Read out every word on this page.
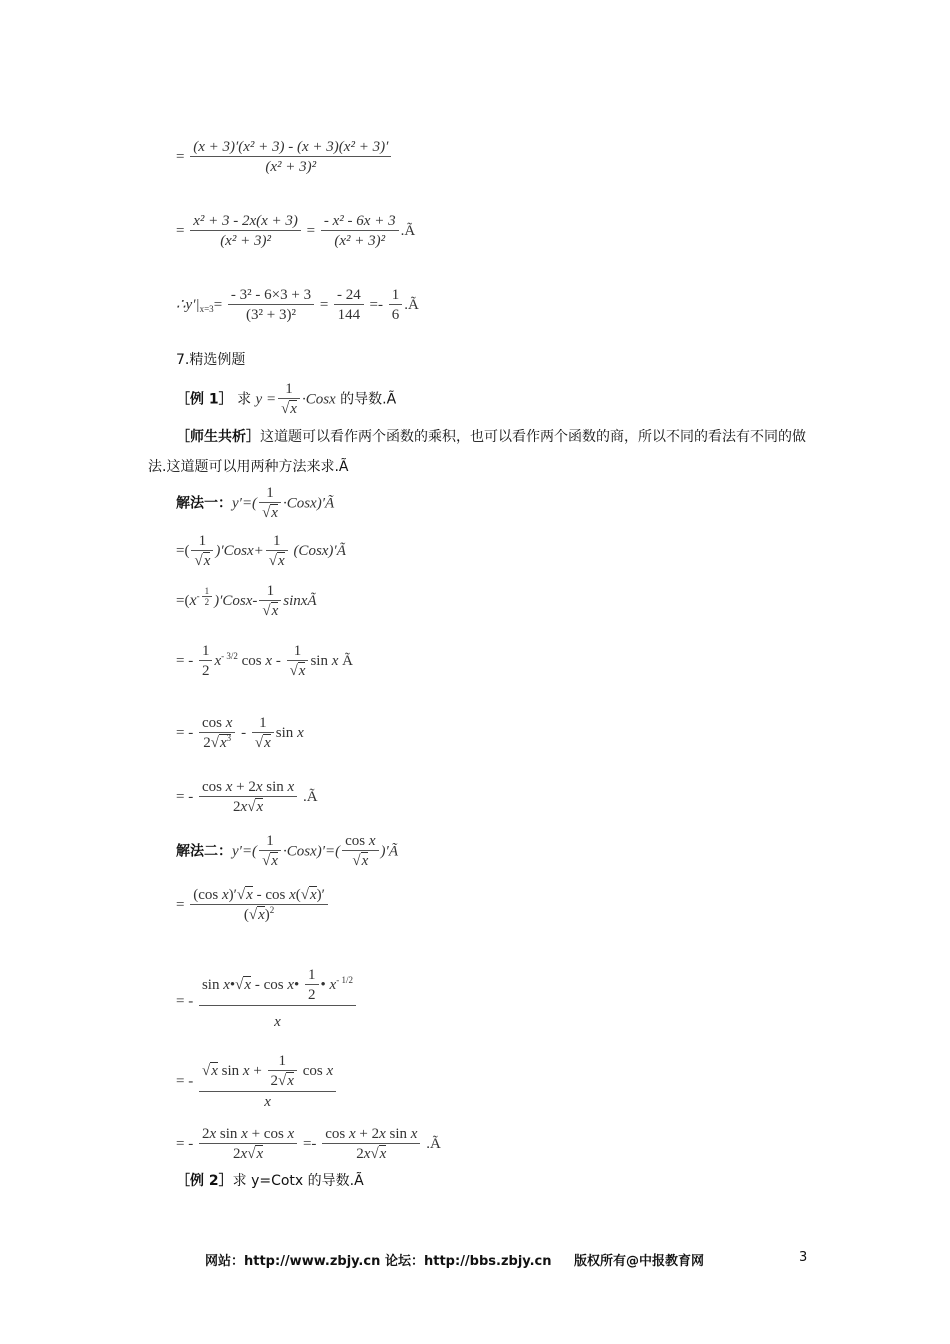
= $\frac{\text{(x + 3)′(x² + 3) - (x + 3)(x² + 3)′}}{\text{(x² + 3)²}}$
= $\frac{\text{x² + 3 - 2x(x + 3)}}{\text{(x² + 3)²}} = \frac{\text{- x² - 6x + 3}}{\text{(x² + 3)²}}$ .Ã
$\therefore y'|_{x=3}= \frac{\text{- 3² - 6×3 + 3}}{\text{(3² + 3)²}} = \frac{- 24}{144} =- \frac{1}{6}$ .Ã
7.精选例题
［例 1］ 求 $y = \frac{1}{√x}$ ·Cosx 的导数.Ã
［师生共析］这道题可以看作两个函数的乘积，也可以看作两个函数的商，所以不同的看法有不同的做法.这道题可以用两种方法来求.Ã
解法一：$y'=( \frac{1}{√x}$ ·Cosx)′Ã
=( $\frac{1}{√x}$ )′Cosx+ $\frac{1}{√x}$ (Cosx)′Ã
$=(x^{- \frac{1}{2}}$ )′Cosx- $\frac{1}{√x}$ sinxÃ
= - $\frac{1}{2} x^{- 3/2}$ cos x - $\frac{1}{√x}$ sin x Ã
= - $\frac{\text{cos x}}{2√x^3} - \frac{1}{√x}$ sin x
= - $\frac{\text{cos x + 2x sin x}}{2x√x}$ .Ã
解法二：$y'=( \frac{1}{√x}$ ·Cosx)′=( $\frac{\text{cos x}}{√x}$ )′Ã
= $\frac{\text{(cos x)′√x - cos x(√x)′}}{(√x)^2}$
= - $\frac{\sin x•√x - \cos x• \frac{1}{2} • x^{- 1/2}}{x}$
= - $\frac{√x \sin x + \frac{1}{2√x} \cos x}{x}$
= - $\frac{\text{2x sin x + cos x}}{2x√x} =- \frac{\text{cos x + 2x sin x}}{2x√x}$ .Ã
［例 2］求 y=Cotx 的导数.Ã
网站：http://www.zbjy.cn 论坛：http://bbs.zbjy.cn 版权所有@中报教育网	3
